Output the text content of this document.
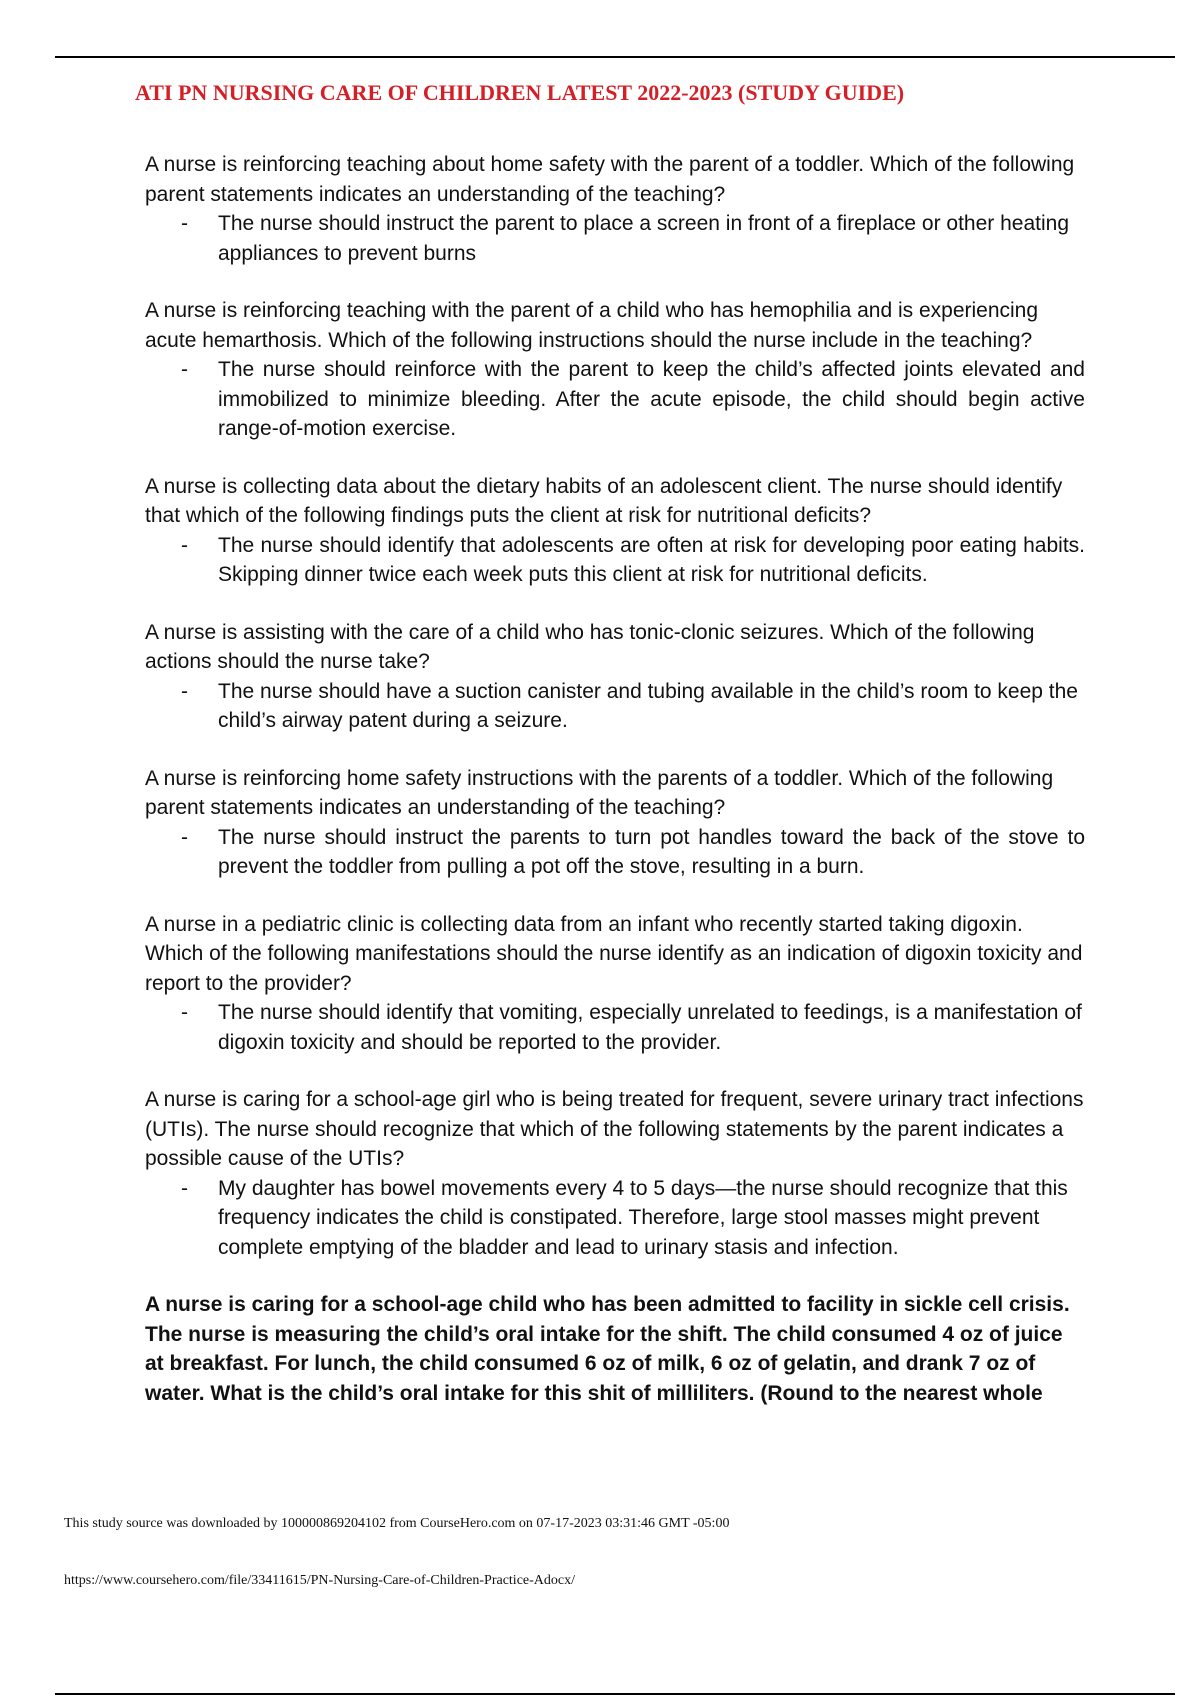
ATI PN NURSING CARE OF CHILDREN LATEST 2022-2023 (STUDY GUIDE)

A nurse is reinforcing teaching about home safety with the parent of a toddler. Which of the following parent statements indicates an understanding of the teaching?

- The nurse should instruct the parent to place a screen in front of a fireplace or other heating appliances to prevent burns

A nurse is reinforcing teaching with the parent of a child who has hemophilia and is experiencing acute hemarthosis. Which of the following instructions should the nurse include in the teaching?

- The nurse should reinforce with the parent to keep the child’s affected joints elevated and immobilized to minimize bleeding. After the acute episode, the child should begin active range-of-motion exercise.

A nurse is collecting data about the dietary habits of an adolescent client. The nurse should identify that which of the following findings puts the client at risk for nutritional deficits?

- The nurse should identify that adolescents are often at risk for developing poor eating habits. Skipping dinner twice each week puts this client at risk for nutritional deficits.

A nurse is assisting with the care of a child who has tonic-clonic seizures. Which of the following actions should the nurse take?

- The nurse should have a suction canister and tubing available in the child’s room to keep the child’s airway patent during a seizure.

A nurse is reinforcing home safety instructions with the parents of a toddler. Which of the following parent statements indicates an understanding of the teaching?

- The nurse should instruct the parents to turn pot handles toward the back of the stove to prevent the toddler from pulling a pot off the stove, resulting in a burn.

A nurse in a pediatric clinic is collecting data from an infant who recently started taking digoxin. Which of the following manifestations should the nurse identify as an indication of digoxin toxicity and report to the provider?

- The nurse should identify that vomiting, especially unrelated to feedings, is a manifestation of digoxin toxicity and should be reported to the provider.

A nurse is caring for a school-age girl who is being treated for frequent, severe urinary tract infections (UTIs). The nurse should recognize that which of the following statements by the parent indicates a possible cause of the UTIs?

- My daughter has bowel movements every 4 to 5 days—the nurse should recognize that this frequency indicates the child is constipated. Therefore, large stool masses might prevent complete emptying of the bladder and lead to urinary stasis and infection.

A nurse is caring for a school-age child who has been admitted to facility in sickle cell crisis. The nurse is measuring the child’s oral intake for the shift. The child consumed 4 oz of juice at breakfast. For lunch, the child consumed 6 oz of milk, 6 oz of gelatin, and drank 7 oz of water. What is the child’s oral intake for this shit of milliliters. (Round to the nearest whole

This study source was downloaded by 100000869204102 from CourseHero.com on 07-17-2023 03:31:46 GMT -05:00

https://www.coursehero.com/file/33411615/PN-Nursing-Care-of-Children-Practice-Adocx/
